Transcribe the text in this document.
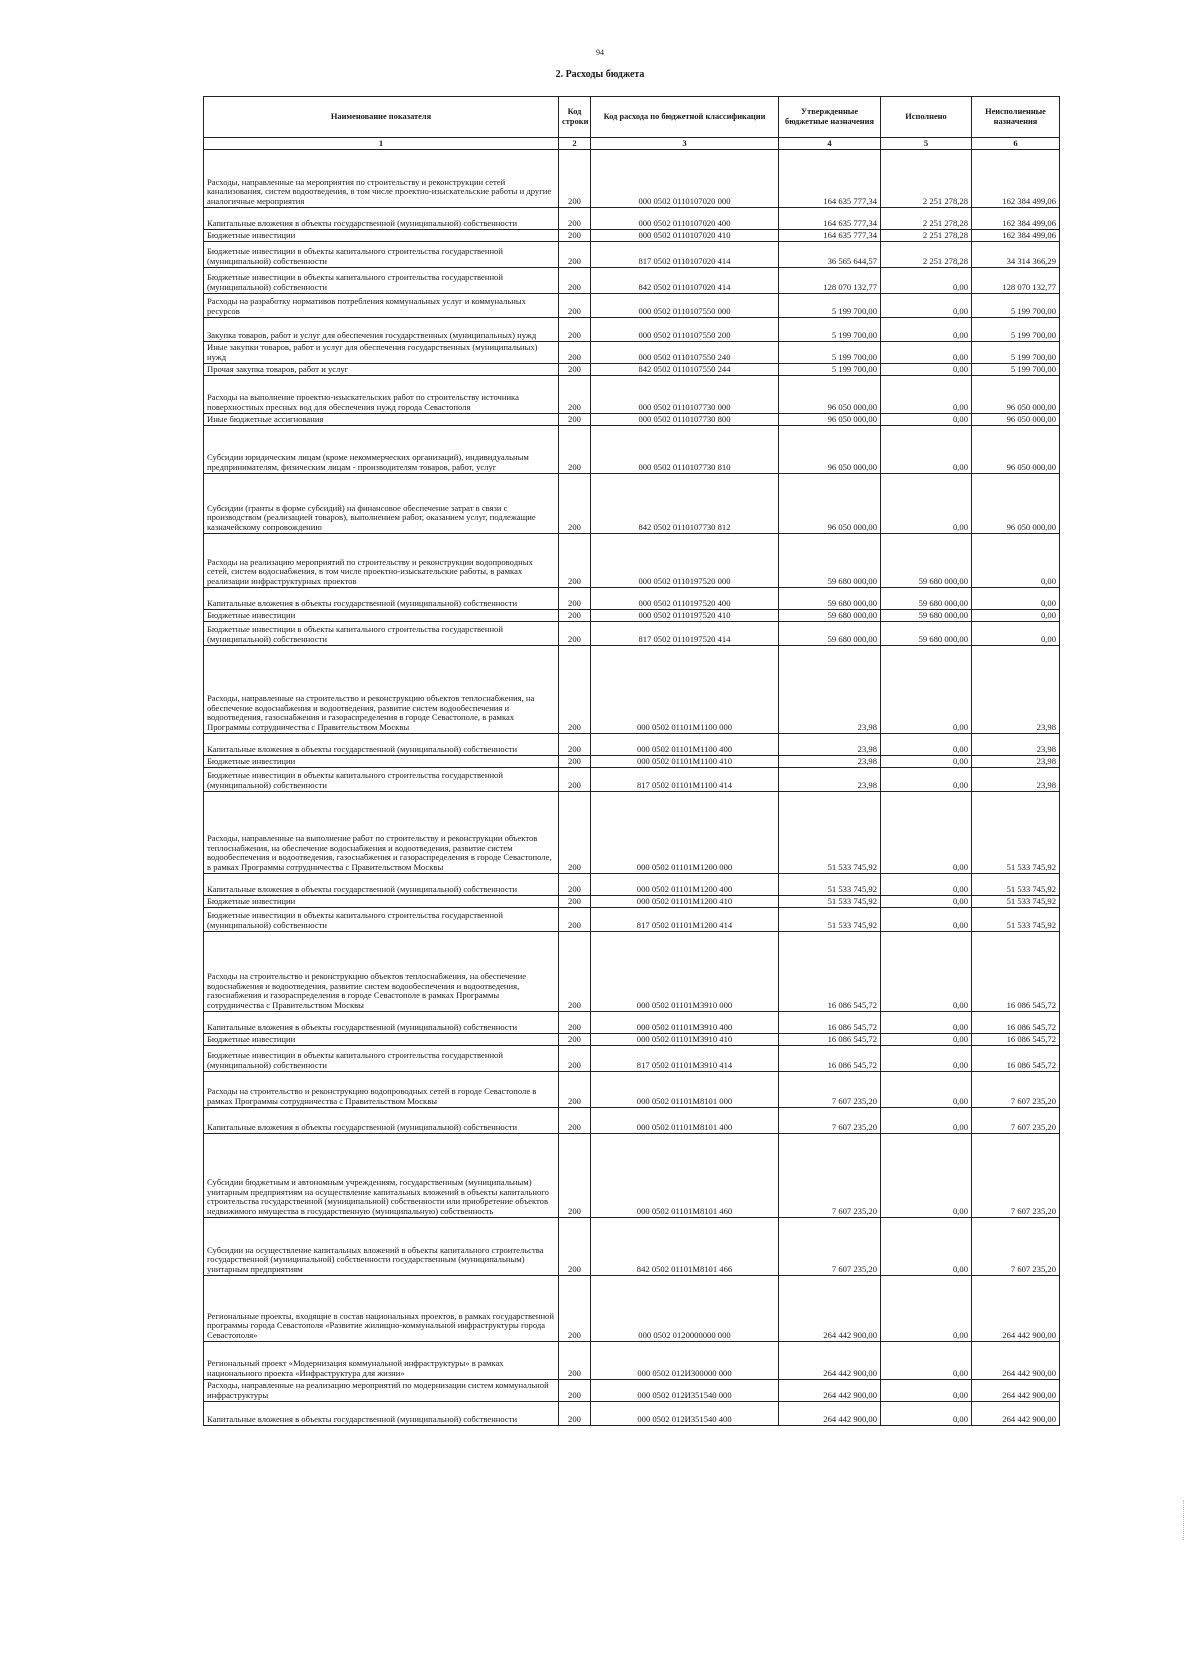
94
2. Расходы бюджета
Наименование показателя	Код строки	Код расхода по бюджетной классификации	Утвержденные бюджетные назначения	Исполнено	Неисполненные назначения
1	2	3	4	5	6
Расходы, направленные на мероприятия по строительству и реконструкции сетей канализования, систем водоотведения, в том числе проектно-изыскательские работы и другие аналогичные мероприятия	200	000 0502 0110107020 000	164 635 777,34	2 251 278,28	162 384 499,06
Капитальные вложения в объекты государственной (муниципальной) собственности	200	000 0502 0110107020 400	164 635 777,34	2 251 278,28	162 384 499,06
Бюджетные инвестиции	200	000 0502 0110107020 410	164 635 777,34	2 251 278,28	162 384 499,06
Бюджетные инвестиции в объекты капитального строительства государственной (муниципальной) собственности	200	817 0502 0110107020 414	36 565 644,57	2 251 278,28	34 314 366,29
Бюджетные инвестиции в объекты капитального строительства государственной (муниципальной) собственности	200	842 0502 0110107020 414	128 070 132,77	0,00	128 070 132,77
Расходы на разработку нормативов потребления коммунальных услуг и коммунальных ресурсов	200	000 0502 0110107550 000	5 199 700,00	0,00	5 199 700,00
Закупка товаров, работ и услуг для обеспечения государственных (муниципальных) нужд	200	000 0502 0110107550 200	5 199 700,00	0,00	5 199 700,00
Иные закупки товаров, работ и услуг для обеспечения государственных (муниципальных) нужд	200	000 0502 0110107550 240	5 199 700,00	0,00	5 199 700,00
Прочая закупка товаров, работ и услуг	200	842 0502 0110107550 244	5 199 700,00	0,00	5 199 700,00
Расходы на выполнение проектно-изыскательских работ по строительству источника поверхностных пресных вод для обеспечения нужд города Севастополя	200	000 0502 0110107730 000	96 050 000,00	0,00	96 050 000,00
Иные бюджетные ассигнования	200	000 0502 0110107730 800	96 050 000,00	0,00	96 050 000,00
Субсидии юридическим лицам (кроме некоммерческих организаций), индивидуальным предпринимателям, физическим лицам - производителям товаров, работ, услуг	200	000 0502 0110107730 810	96 050 000,00	0,00	96 050 000,00
Субсидии (гранты в форме субсидий) на финансовое обеспечение затрат в связи с производством (реализацией товаров), выполнением работ, оказанием услуг, подлежащие казначейскому сопровождению	200	842 0502 0110107730 812	96 050 000,00	0,00	96 050 000,00
Расходы на реализацию мероприятий по строительству и реконструкции водопроводных сетей, систем водоснабжения, в том числе проектно-изыскательские работы, в рамках реализации инфраструктурных проектов	200	000 0502 0110197520 000	59 680 000,00	59 680 000,00	0,00
Капитальные вложения в объекты государственной (муниципальной) собственности	200	000 0502 0110197520 400	59 680 000,00	59 680 000,00	0,00
Бюджетные инвестиции	200	000 0502 0110197520 410	59 680 000,00	59 680 000,00	0,00
Бюджетные инвестиции в объекты капитального строительства государственной (муниципальной) собственности	200	817 0502 0110197520 414	59 680 000,00	59 680 000,00	0,00
Расходы, направленные на строительство и реконструкцию объектов теплоснабжения, на обеспечение водоснабжения и водоотведения, развитие систем водообеспечения и водоотведения, газоснабжения и газораспределения в городе Севастополе, в рамках Программы сотрудничества с Правительством Москвы	200	000 0502 01101М1100 000	23,98	0,00	23,98
Капитальные вложения в объекты государственной (муниципальной) собственности	200	000 0502 01101М1100 400	23,98	0,00	23,98
Бюджетные инвестиции	200	000 0502 01101М1100 410	23,98	0,00	23,98
Бюджетные инвестиции в объекты капитального строительства государственной (муниципальной) собственности	200	817 0502 01101М1100 414	23,98	0,00	23,98
Расходы, направленные на выполнение работ по строительству и реконструкции объектов теплоснабжения, на обеспечение водоснабжения и водоотведения, развитие систем водообеспечения и водоотведения, газоснабжения и газораспределения в городе Севастополе, в рамках Программы сотрудничества с Правительством Москвы	200	000 0502 01101М1200 000	51 533 745,92	0,00	51 533 745,92
Капитальные вложения в объекты государственной (муниципальной) собственности	200	000 0502 01101М1200 400	51 533 745,92	0,00	51 533 745,92
Бюджетные инвестиции	200	000 0502 01101М1200 410	51 533 745,92	0,00	51 533 745,92
Бюджетные инвестиции в объекты капитального строительства государственной (муниципальной) собственности	200	817 0502 01101М1200 414	51 533 745,92	0,00	51 533 745,92
Расходы на строительство и реконструкцию объектов теплоснабжения, на обеспечение водоснабжения и водоотведения, развитие систем водообеспечения и водоотведения, газоснабжения и газораспределения в городе Севастополе в рамках Программы сотрудничества с Правительством Москвы	200	000 0502 01101М3910 000	16 086 545,72	0,00	16 086 545,72
Капитальные вложения в объекты государственной (муниципальной) собственности	200	000 0502 01101М3910 400	16 086 545,72	0,00	16 086 545,72
Бюджетные инвестиции	200	000 0502 01101М3910 410	16 086 545,72	0,00	16 086 545,72
Бюджетные инвестиции в объекты капитального строительства государственной (муниципальной) собственности	200	817 0502 01101М3910 414	16 086 545,72	0,00	16 086 545,72
Расходы на строительство и реконструкцию водопроводных сетей в городе Севастополе в рамках Программы сотрудничества с Правительством Москвы	200	000 0502 01101М8101 000	7 607 235,20	0,00	7 607 235,20
Капитальные вложения в объекты государственной (муниципальной) собственности	200	000 0502 01101М8101 400	7 607 235,20	0,00	7 607 235,20
Субсидии бюджетным и автономным учреждениям, государственным (муниципальным) унитарным предприятиям на осуществление капитальных вложений в объекты капитального строительства государственной (муниципальной) собственности или приобретение объектов недвижимого имущества в государственную (муниципальную) собственность	200	000 0502 01101М8101 460	7 607 235,20	0,00	7 607 235,20
Субсидии на осуществление капитальных вложений в объекты капитального строительства государственной (муниципальной) собственности государственным (муниципальным) унитарным предприятиям	200	842 0502 01101М8101 466	7 607 235,20	0,00	7 607 235,20
Региональные проекты, входящие в состав национальных проектов, в рамках государственной программы города Севастополя «Развитие жилищно-коммунальной инфраструктуры города Севастополя»	200	000 0502 0120000000 000	264 442 900,00	0,00	264 442 900,00
Региональный проект «Модернизация коммунальной инфраструктуры» в рамках национального проекта «Инфраструктура для жизни»	200	000 0502 012И300000 000	264 442 900,00	0,00	264 442 900,00
Расходы, направленные на реализацию мероприятий по модернизации систем коммунальной инфраструктуры	200	000 0502 012И351540 000	264 442 900,00	0,00	264 442 900,00
Капитальные вложения в объекты государственной (муниципальной) собственности	200	000 0502 012И351540 400	264 442 900,00	0,00	264 442 900,00
